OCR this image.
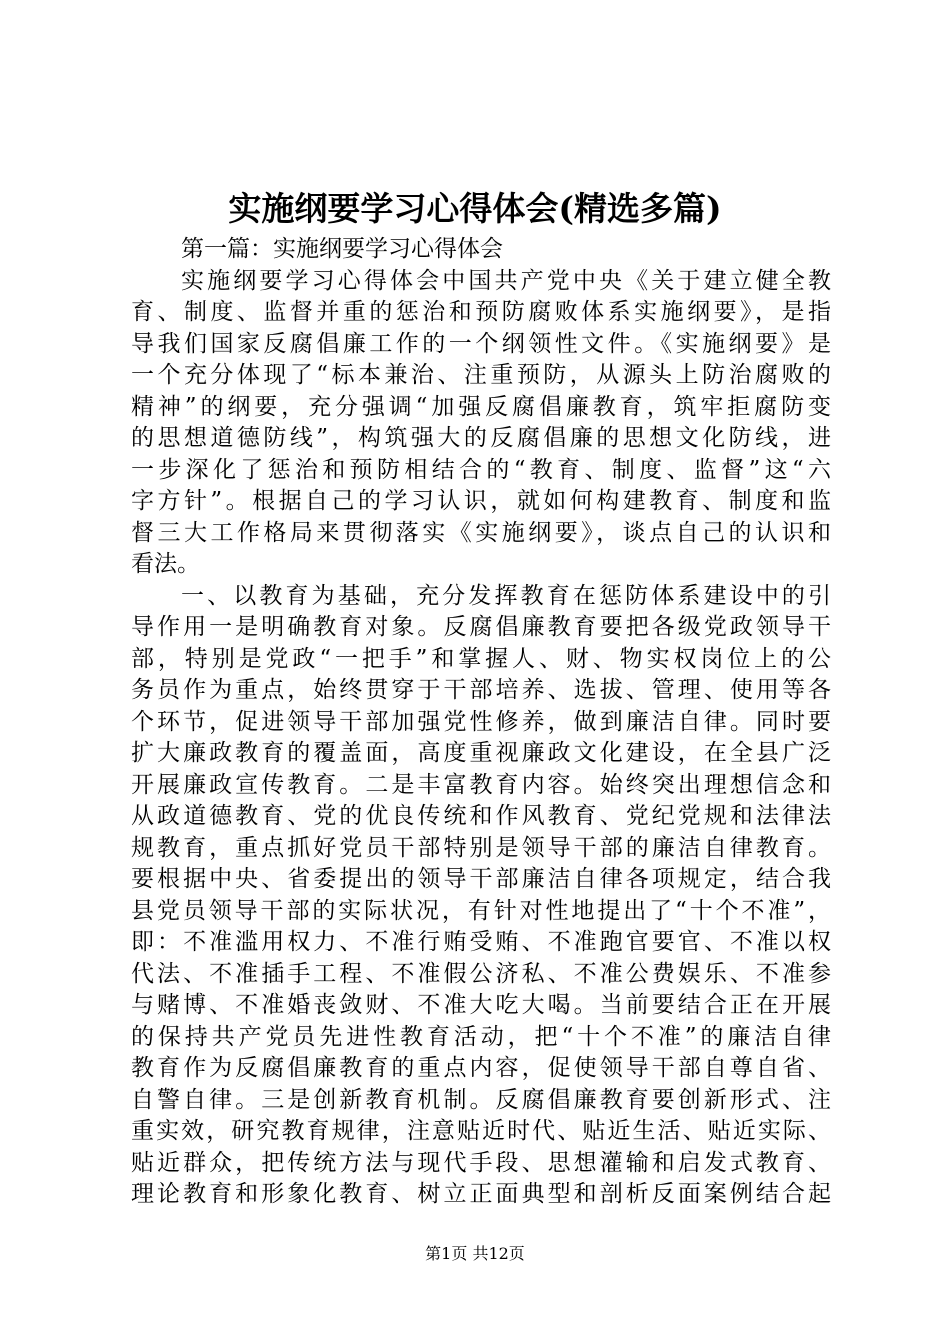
实施纲要学习心得体会(精选多篇)
第一篇：实施纲要学习心得体会
实施纲要学习心得体会中国共产党中央《关于建立健全教
育、制度、监督并重的惩治和预防腐败体系实施纲要》，是指
导我们国家反腐倡廉工作的一个纲领性文件。《实施纲要》是
一个充分体现了“标本兼治、注重预防，从源头上防治腐败的
精神”的纲要，充分强调“加强反腐倡廉教育，筑牢拒腐防变
的思想道德防线”，构筑强大的反腐倡廉的思想文化防线，进
一步深化了惩治和预防相结合的“教育、制度、监督”这“六
字方针”。根据自己的学习认识，就如何构建教育、制度和监
督三大工作格局来贯彻落实《实施纲要》，谈点自己的认识和
看法。
一、以教育为基础，充分发挥教育在惩防体系建设中的引
导作用一是明确教育对象。反腐倡廉教育要把各级党政领导干
部，特别是党政“一把手”和掌握人、财、物实权岗位上的公
务员作为重点，始终贯穿于干部培养、选拔、管理、使用等各
个环节，促进领导干部加强党性修养，做到廉洁自律。同时要
扩大廉政教育的覆盖面，高度重视廉政文化建设，在全县广泛
开展廉政宣传教育。二是丰富教育内容。始终突出理想信念和
从政道德教育、党的优良传统和作风教育、党纪党规和法律法
规教育，重点抓好党员干部特别是领导干部的廉洁自律教育。
要根据中央、省委提出的领导干部廉洁自律各项规定，结合我
县党员领导干部的实际状况，有针对性地提出了“十个不准”，
即：不准滥用权力、不准行贿受贿、不准跑官要官、不准以权
代法、不准插手工程、不准假公济私、不准公费娱乐、不准参
与赌博、不准婚丧敛财、不准大吃大喝。当前要结合正在开展
的保持共产党员先进性教育活动，把“十个不准”的廉洁自律
教育作为反腐倡廉教育的重点内容，促使领导干部自尊自省、
自警自律。三是创新教育机制。反腐倡廉教育要创新形式、注
重实效，研究教育规律，注意贴近时代、贴近生活、贴近实际、
贴近群众，把传统方法与现代手段、思想灌输和启发式教育、
理论教育和形象化教育、树立正面典型和剖析反面案例结合起
第1页 共12页
